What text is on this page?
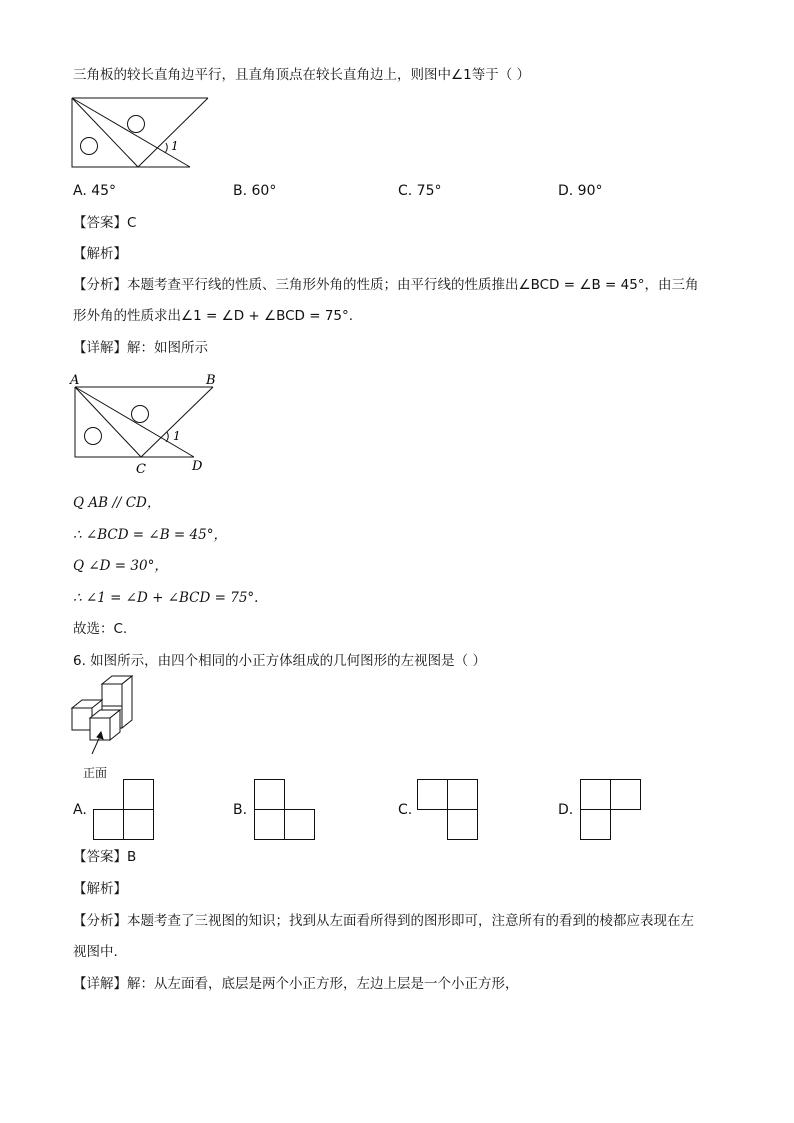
三角板的较长直角边平行，且直角顶点在较长直角边上，则图中∠1等于（ ）
1
A. 45°	B. 60°	C. 75°	D. 90°
【答案】C
【解析】
【分析】本题考查平行线的性质、三角形外角的性质；由平行线的性质推出∠BCD = ∠B = 45°，由三角
形外角的性质求出∠1 = ∠D + ∠BCD = 75°.
【详解】解：如图所示
A	B
C	D
1
Q AB // CD，
∴ ∠BCD = ∠B = 45°，
Q ∠D = 30°，
∴ ∠1 = ∠D + ∠BCD = 75°.
故选：C.
6. 如图所示，由四个相同的小正方体组成的几何图形的左视图是（ ）
正面
A.	B.	C.	D.
【答案】B
【解析】
【分析】本题考查了三视图的知识；找到从左面看所得到的图形即可，注意所有的看到的棱都应表现在左
视图中.
【详解】解：从左面看，底层是两个小正方形，左边上层是一个小正方形，
